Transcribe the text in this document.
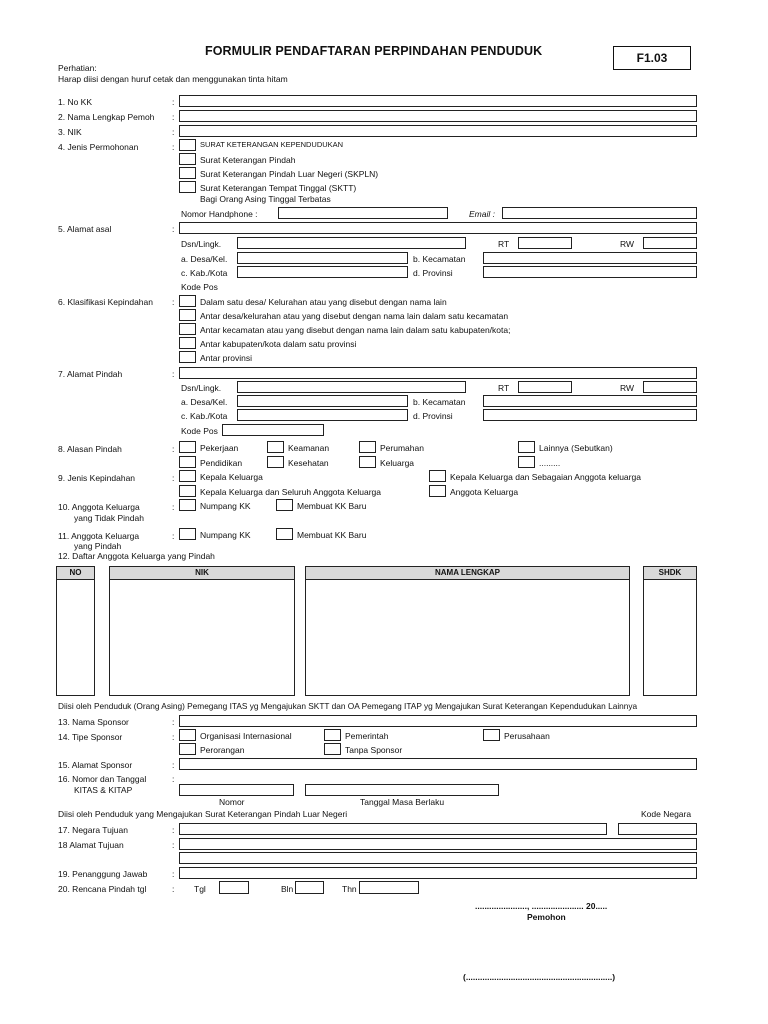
FORMULIR PENDAFTARAN PERPINDAHAN PENDUDUK	F1.03
Perhatian:
Harap diisi dengan huruf cetak dan menggunakan tinta hitam
1. No KK	:
2. Nama Lengkap Pemoh :
3. NIK	:
4. Jenis Permohonan	:	SURAT KETERANGAN KEPENDUDUKAN
Surat Keterangan Pindah
Surat Keterangan Pindah Luar Negeri (SKPLN)
Surat Keterangan Tempat Tinggal (SKTT)
Bagi Orang Asing Tinggal Terbatas
Nomor Handphone :	Email :
5. Alamat asal	:
Dsn/Lingk.	RT	RW
a. Desa/Kel.	b. Kecamatan
c. Kab./Kota	d. Provinsi
Kode Pos
6. Klasifikasi Kepindahan :	Dalam satu desa/ Kelurahan atau yang disebut dengan nama lain
Antar desa/kelurahan atau yang disebut dengan nama lain dalam satu kecamatan
Antar kecamatan atau yang disebut dengan nama lain dalam satu kabupaten/kota;
Antar kabupaten/kota dalam satu provinsi
Antar provinsi
7. Alamat Pindah	:
Dsn/Lingk.	RT	RW
a. Desa/Kel.	b. Kecamatan
c. Kab./Kota	d. Provinsi
Kode Pos
8. Alasan Pindah	:	Pekerjaan	Keamanan	Perumahan	Lainnya (Sebutkan)
Pendidikan	Kesehatan	Keluarga	.........
9. Jenis Kepindahan	:	Kepala Keluarga	Kepala Keluarga dan Sebagaian Anggota keluarga
Kepala Keluarga dan Seluruh Anggota Keluarga	Anggota Keluarga
10. Anggota Keluarga
yang Tidak Pindah
:	Numpang KK	Membuat KK Baru
11. Anggota Keluarga
yang Pindah
:	Numpang KK	Membuat KK Baru
12. Daftar Anggota Keluarga yang Pindah
NO	NIK	NAMA LENGKAP	SHDK
Diisi oleh Penduduk (Orang Asing) Pemegang ITAS yg Mengajukan SKTT dan OA Pemegang ITAP yg Mengajukan Surat Keterangan Kependudukan Lainnya
13. Nama Sponsor	:
14. Tipe Sponsor	:	Organisasi Internasional	Pemerintah	Perusahaan
Perorangan	Tanpa Sponsor
15. Alamat Sponsor	:
16. Nomor dan Tanggal
KITAS & KITAP
:
Nomor	Tanggal Masa Berlaku
Diisi oleh Penduduk yang Mengajukan Surat Keterangan Pindah Luar Negeri	Kode Negara
17. Negara Tujuan	:
18 Alamat Tujuan	:
19. Penanggung Jawab	:
20. Rencana Pindah tgl	: Tgl	Bln	Thn
......................, ...................... 20.....
Pemohon
(..............................................................)
